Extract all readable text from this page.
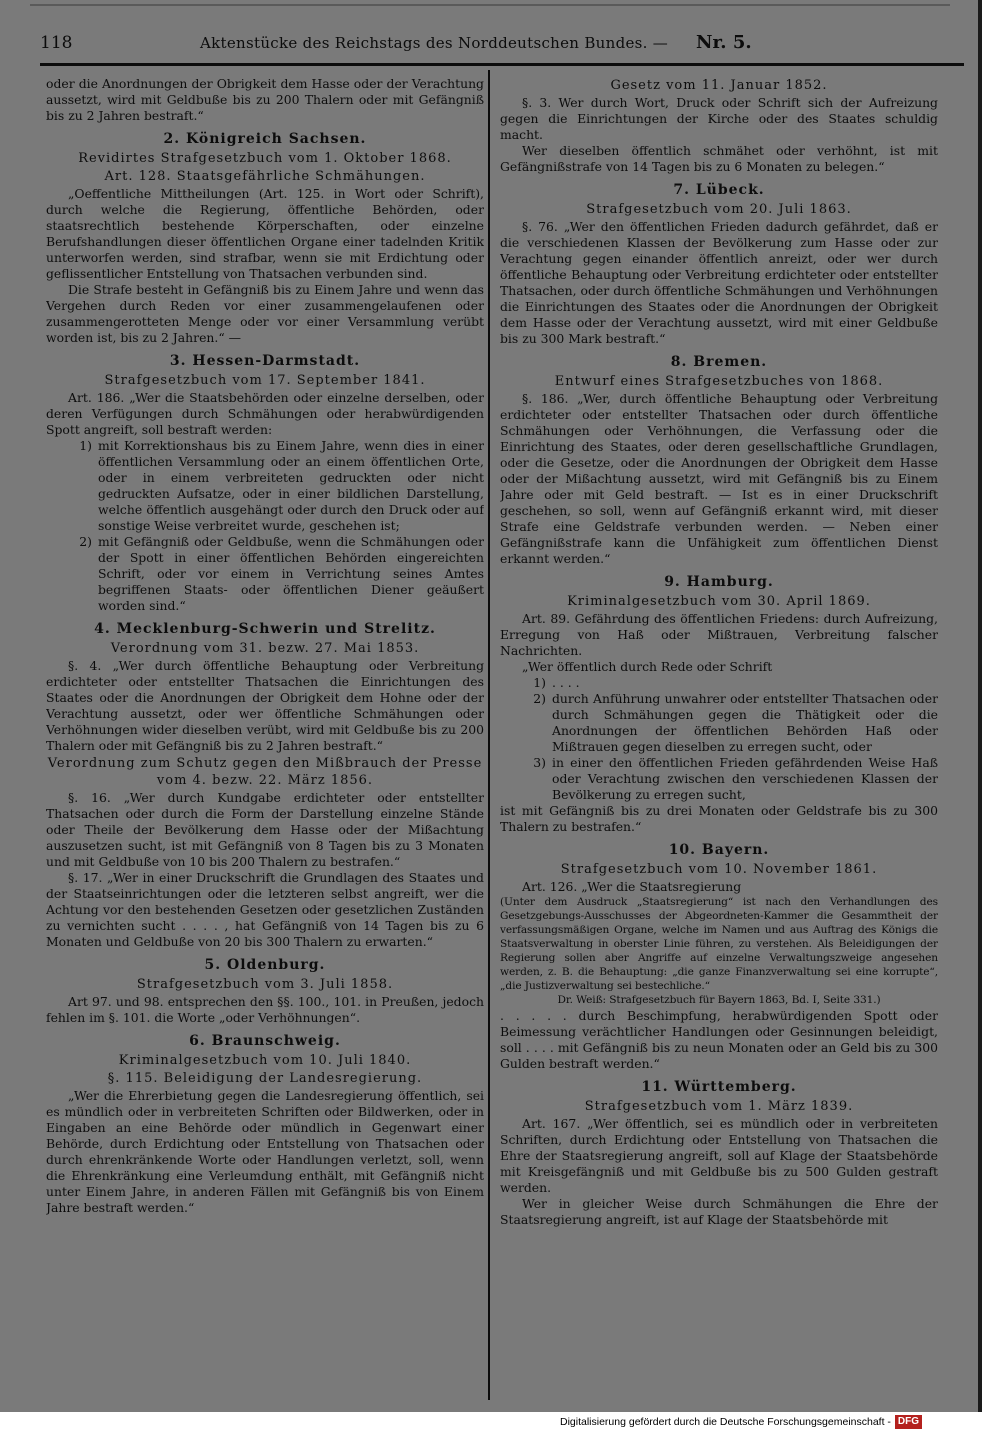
118	Aktenstücke des Reichstags des Norddeutschen Bundes. — Nr. 5.

oder die Anordnungen der Obrigkeit dem Hasse oder der Verachtung aussetzt, wird mit Geldbuße bis zu 200 Thalern oder mit Gefängniß bis zu 2 Jahren bestraft.“

2. Königreich Sachsen.
Revidirtes Strafgesetzbuch vom 1. Oktober 1868.
Art. 128. Staatsgefährliche Schmähungen.

„Oeffentliche Mittheilungen (Art. 125. in Wort oder Schrift), durch welche die Regierung, öffentliche Behörden, oder staatsrechtlich bestehende Körperschaften, oder einzelne Berufshandlungen dieser öffentlichen Organe einer tadelnden Kritik unterworfen werden, sind strafbar, wenn sie mit Erdichtung oder geflissentlicher Entstellung von Thatsachen verbunden sind.

Die Strafe besteht in Gefängniß bis zu Einem Jahre und wenn das Vergehen durch Reden vor einer zusammengelaufenen oder zusammengerotteten Menge oder vor einer Versammlung verübt worden ist, bis zu 2 Jahren.“ —

3. Hessen-Darmstadt.
Strafgesetzbuch vom 17. September 1841.

Art. 186. „Wer die Staatsbehörden oder einzelne derselben, oder deren Verfügungen durch Schmähungen oder herabwürdigenden Spott angreift, soll bestraft werden:

1) mit Korrektionshaus bis zu Einem Jahre, wenn dies in einer öffentlichen Versammlung oder an einem öffentlichen Orte, oder in einem verbreiteten gedruckten oder nicht gedruckten Aufsatze, oder in einer bildlichen Darstellung, welche öffentlich ausgehängt oder durch den Druck oder auf sonstige Weise verbreitet wurde, geschehen ist;
2) mit Gefängniß oder Geldbuße, wenn die Schmähungen oder der Spott in einer öffentlichen Behörden eingereichten Schrift, oder vor einem in Verrichtung seines Amtes begriffenen Staats- oder öffentlichen Diener geäußert worden sind.“
4. Mecklenburg-Schwerin und Strelitz.
Verordnung vom 31. bezw. 27. Mai 1853.

§. 4. „Wer durch öffentliche Behauptung oder Verbreitung erdichteter oder entstellter Thatsachen die Einrichtungen des Staates oder die Anordnungen der Obrigkeit dem Hohne oder der Verachtung aussetzt, oder wer öffentliche Schmähungen oder Verhöhnungen wider dieselben verübt, wird mit Geldbuße bis zu 200 Thalern oder mit Gefängniß bis zu 2 Jahren bestraft.“

Verordnung zum Schutz gegen den Mißbrauch der Presse vom 4. bezw. 22. März 1856.

§. 16. „Wer durch Kundgabe erdichteter oder entstellter Thatsachen oder durch die Form der Darstellung einzelne Stände oder Theile der Bevölkerung dem Hasse oder der Mißachtung auszusetzen sucht, ist mit Gefängniß von 8 Tagen bis zu 3 Monaten und mit Geldbuße von 10 bis 200 Thalern zu bestrafen.“

§. 17. „Wer in einer Druckschrift die Grundlagen des Staates und der Staatseinrichtungen oder die letzteren selbst angreift, wer die Achtung vor den bestehenden Gesetzen oder gesetzlichen Zuständen zu vernichten sucht . . . . , hat Gefängniß von 14 Tagen bis zu 6 Monaten und Geldbuße von 20 bis 300 Thalern zu erwarten.“

5. Oldenburg.
Strafgesetzbuch vom 3. Juli 1858.

Art 97. und 98. entsprechen den §§. 100., 101. in Preußen, jedoch fehlen im §. 101. die Worte „oder Verhöhnungen“.

6. Braunschweig.
Kriminalgesetzbuch vom 10. Juli 1840.
§. 115. Beleidigung der Landesregierung.

„Wer die Ehrerbietung gegen die Landesregierung öffentlich, sei es mündlich oder in verbreiteten Schriften oder Bildwerken, oder in Eingaben an eine Behörde oder mündlich in Gegenwart einer Behörde, durch Erdichtung oder Entstellung von Thatsachen oder durch ehrenkränkende Worte oder Handlungen verletzt, soll, wenn die Ehrenkränkung eine Verleumdung enthält, mit Gefängniß nicht unter Einem Jahre, in anderen Fällen mit Gefängniß bis von Einem Jahre bestraft werden.“

Gesetz vom 11. Januar 1852.

§. 3. Wer durch Wort, Druck oder Schrift sich der Aufreizung gegen die Einrichtungen der Kirche oder des Staates schuldig macht.

Wer dieselben öffentlich schmähet oder verhöhnt, ist mit Gefängnißstrafe von 14 Tagen bis zu 6 Monaten zu belegen.“

7. Lübeck.
Strafgesetzbuch vom 20. Juli 1863.

§. 76. „Wer den öffentlichen Frieden dadurch gefährdet, daß er die verschiedenen Klassen der Bevölkerung zum Hasse oder zur Verachtung gegen einander öffentlich anreizt, oder wer durch öffentliche Behauptung oder Verbreitung erdichteter oder entstellter Thatsachen, oder durch öffentliche Schmähungen und Verhöhnungen die Einrichtungen des Staates oder die Anordnungen der Obrigkeit dem Hasse oder der Verachtung aussetzt, wird mit einer Geldbuße bis zu 300 Mark bestraft.“

8. Bremen.
Entwurf eines Strafgesetzbuches von 1868.

§. 186. „Wer, durch öffentliche Behauptung oder Verbreitung erdichteter oder entstellter Thatsachen oder durch öffentliche Schmähungen oder Verhöhnungen, die Verfassung oder die Einrichtung des Staates, oder deren gesellschaftliche Grundlagen, oder die Gesetze, oder die Anordnungen der Obrigkeit dem Hasse oder der Mißachtung aussetzt, wird mit Gefängniß bis zu Einem Jahre oder mit Geld bestraft. — Ist es in einer Druckschrift geschehen, so soll, wenn auf Gefängniß erkannt wird, mit dieser Strafe eine Geldstrafe verbunden werden. — Neben einer Gefängnißstrafe kann die Unfähigkeit zum öffentlichen Dienst erkannt werden.“

9. Hamburg.
Kriminalgesetzbuch vom 30. April 1869.

Art. 89. Gefährdung des öffentlichen Friedens: durch Aufreizung, Erregung von Haß oder Mißtrauen, Verbreitung falscher Nachrichten.

„Wer öffentlich durch Rede oder Schrift

1) . . . .
2) durch Anführung unwahrer oder entstellter Thatsachen oder durch Schmähungen gegen die Thätigkeit oder die Anordnungen der öffentlichen Behörden Haß oder Mißtrauen gegen dieselben zu erregen sucht, oder
3) in einer den öffentlichen Frieden gefährdenden Weise Haß oder Verachtung zwischen den verschiedenen Klassen der Bevölkerung zu erregen sucht,

ist mit Gefängniß bis zu drei Monaten oder Geldstrafe bis zu 300 Thalern zu bestrafen.“

10. Bayern.
Strafgesetzbuch vom 10. November 1861.

Art. 126. „Wer die Staatsregierung

(Unter dem Ausdruck „Staatsregierung“ ist nach den Verhandlungen des Gesetzgebungs-Ausschusses der Abgeordneten-Kammer die Gesammtheit der verfassungsmäßigen Organe, welche im Namen und aus Auftrag des Königs die Staatsverwaltung in oberster Linie führen, zu verstehen. Als Beleidigungen der Regierung sollen aber Angriffe auf einzelne Verwaltungszweige angesehen werden, z. B. die Behauptung: „die ganze Finanzverwaltung sei eine korrupte“, „die Justizverwaltung sei bestechliche.“

Dr. Weiß: Strafgesetzbuch für Bayern 1863, Bd. I, Seite 331.)

. . . . . durch Beschimpfung, herabwürdigenden Spott oder Beimessung verächtlicher Handlungen oder Gesinnungen beleidigt, soll . . . . mit Gefängniß bis zu neun Monaten oder an Geld bis zu 300 Gulden bestraft werden.“

11. Württemberg.
Strafgesetzbuch vom 1. März 1839.

Art. 167. „Wer öffentlich, sei es mündlich oder in verbreiteten Schriften, durch Erdichtung oder Entstellung von Thatsachen die Ehre der Staatsregierung angreift, soll auf Klage der Staatsbehörde mit Kreisgefängniß und mit Geldbuße bis zu 500 Gulden gestraft werden.

Wer in gleicher Weise durch Schmähungen die Ehre der Staatsregierung angreift, ist auf Klage der Staatsbehörde mit

Digitalisierung gefördert durch die Deutsche Forschungsgemeinschaft - DFG
